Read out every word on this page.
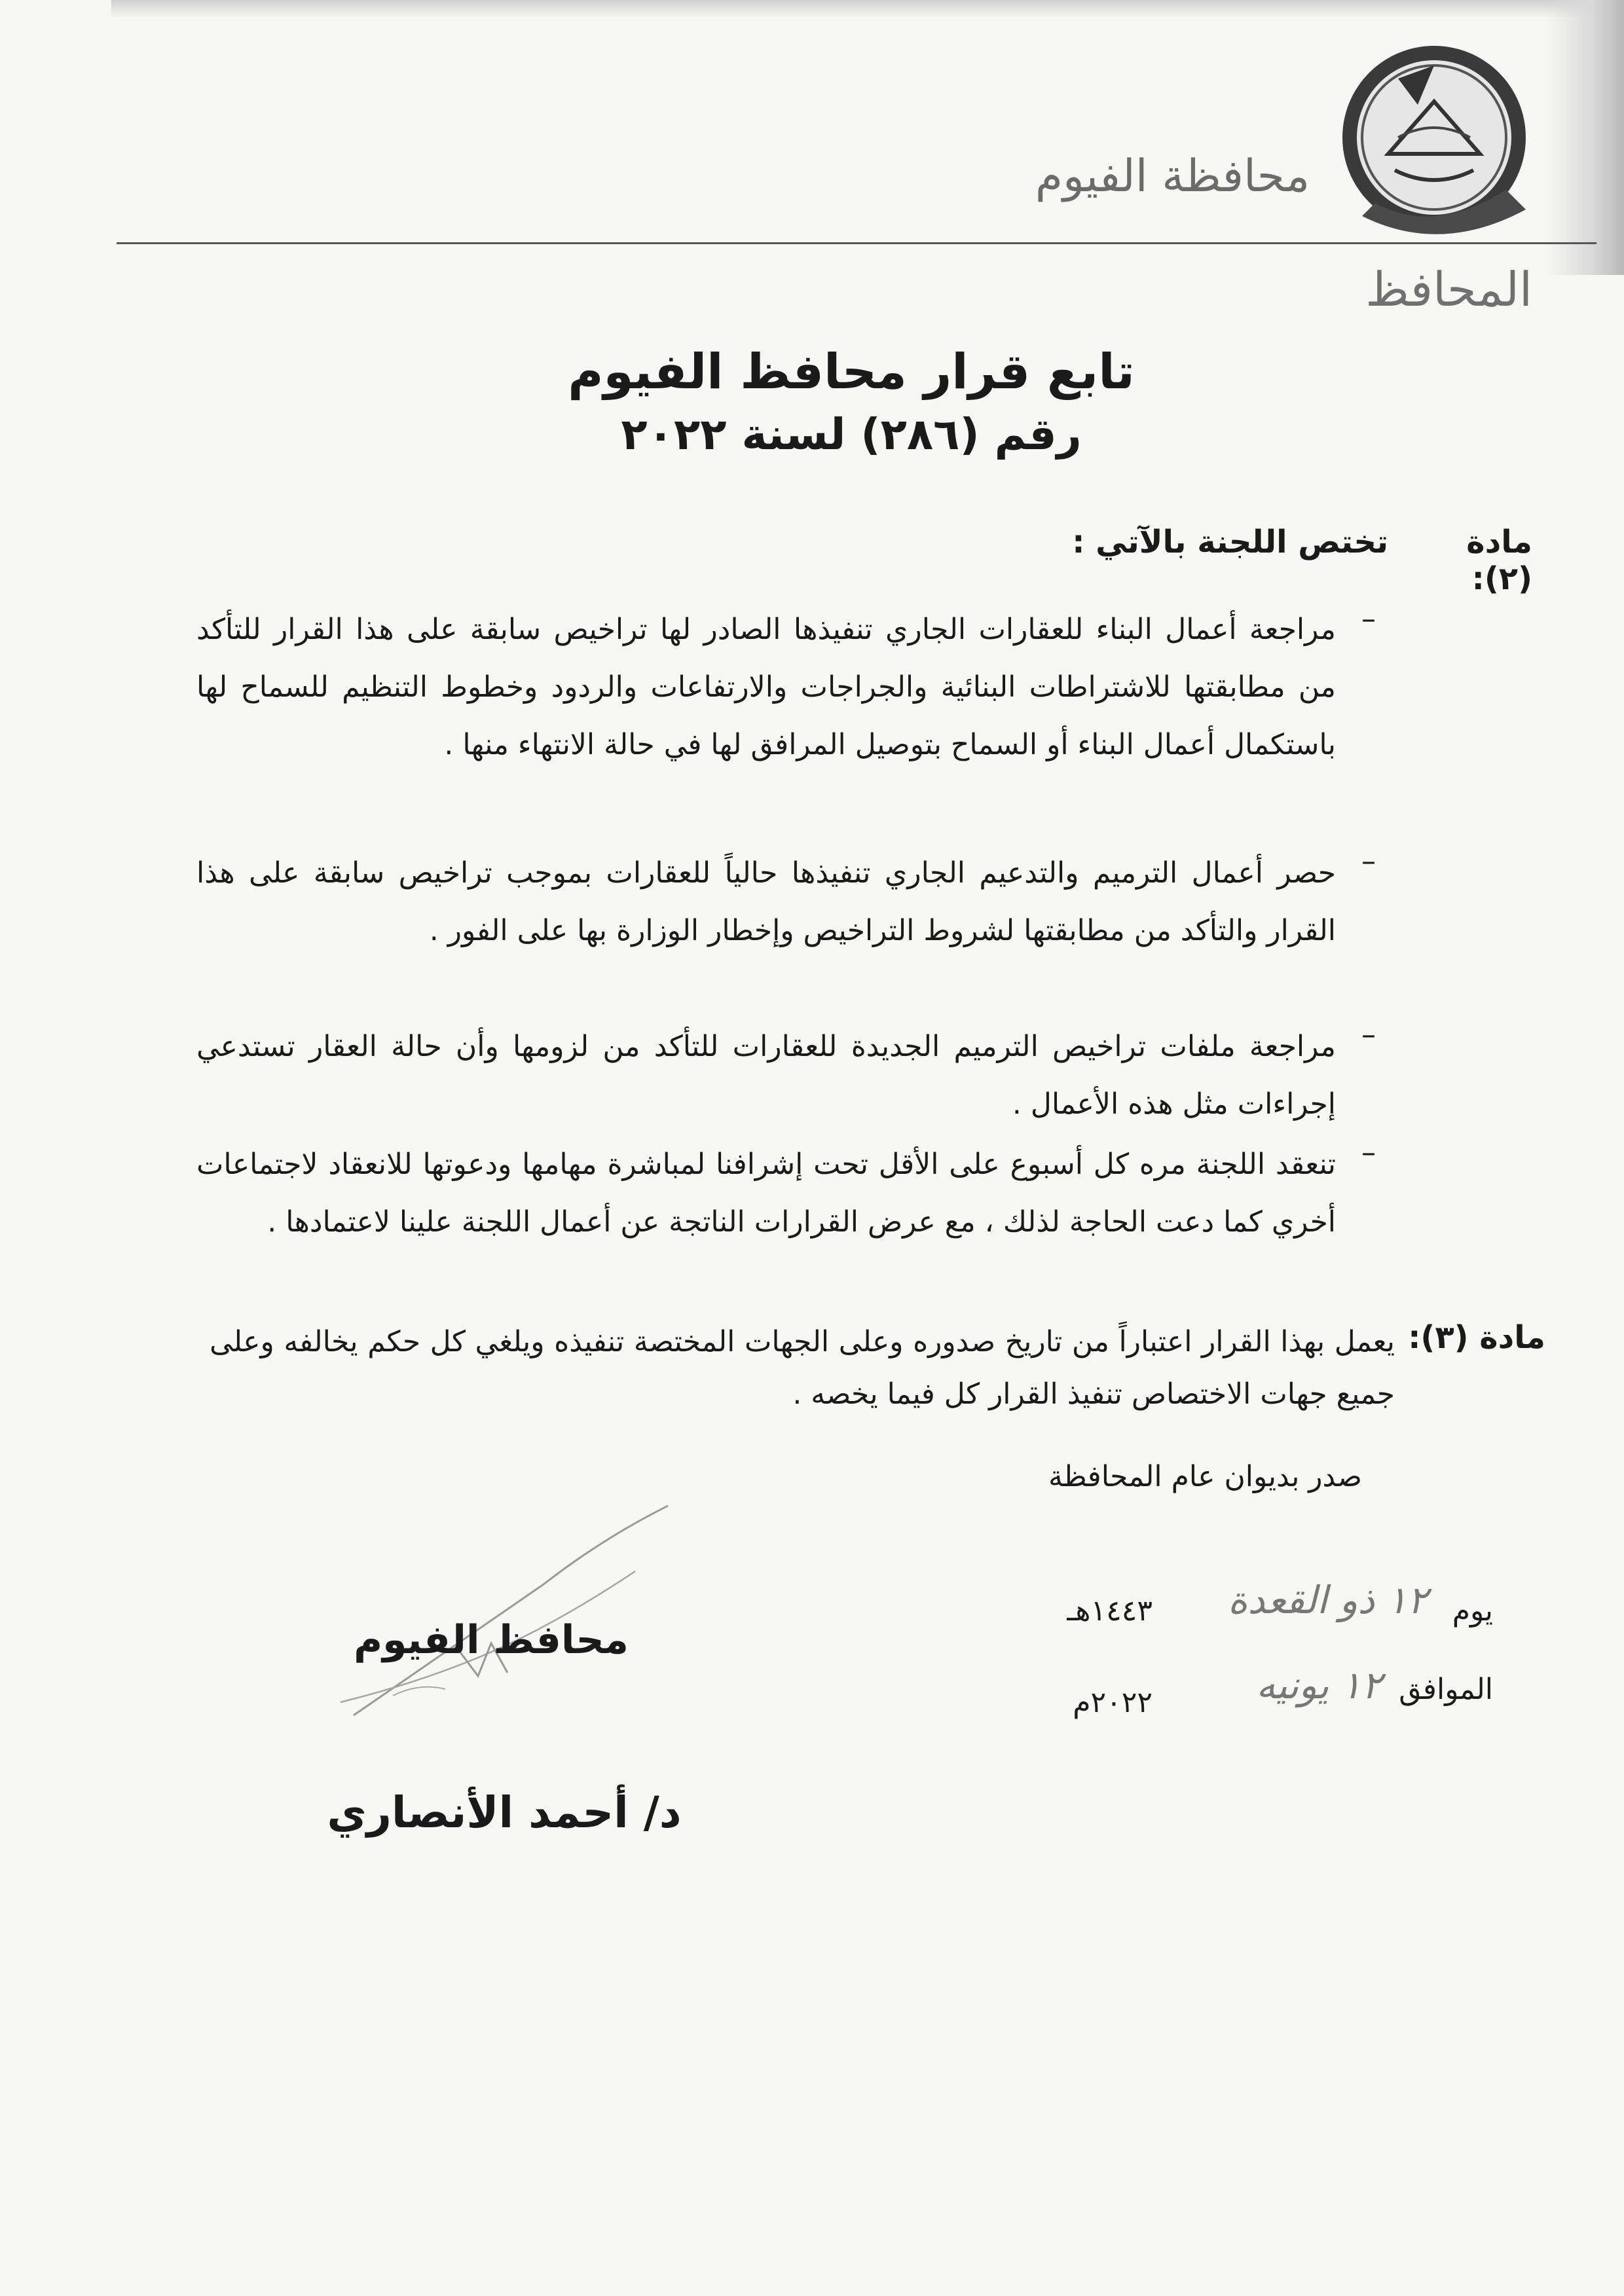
محافظة الفيوم
المحافظ
تابع قرار محافظ الفيوم
رقم (٢٨٦) لسنة ٢٠٢٢
مادة (٢):
تختص اللجنة بالآتي :
–
مراجعة أعمال البناء للعقارات الجاري تنفيذها الصادر لها تراخيص سابقة على هذا القرار للتأكد من مطابقتها للاشتراطات البنائية والجراجات والارتفاعات والردود وخطوط التنظيم للسماح لها باستكمال أعمال البناء أو السماح بتوصيل المرافق لها في حالة الانتهاء منها .
–
حصر أعمال الترميم والتدعيم الجاري تنفيذها حالياً للعقارات بموجب تراخيص سابقة على هذا القرار والتأكد من مطابقتها لشروط التراخيص وإخطار الوزارة بها على الفور .
–
مراجعة ملفات تراخيص الترميم الجديدة للعقارات للتأكد من لزومها وأن حالة العقار تستدعي إجراءات مثل هذه الأعمال .
–
تنعقد اللجنة مره كل أسبوع على الأقل تحت إشرافنا لمباشرة مهامها ودعوتها للانعقاد لاجتماعات أخري كما دعت الحاجة لذلك ، مع عرض القرارات الناتجة عن أعمال اللجنة علينا لاعتمادها .
مادة (٣):
يعمل بهذا القرار اعتباراً من تاريخ صدوره وعلى الجهات المختصة تنفيذه ويلغي كل حكم يخالفه وعلى جميع جهات الاختصاص تنفيذ القرار كل فيما يخصه .
صدر بديوان عام المحافظة
يوم
١٢ ذو القعدة
١٤٤٣هـ
الموافق
١٢ يونيه
٢٠٢٢م
محافظ الفيوم
د/ أحمد الأنصاري
